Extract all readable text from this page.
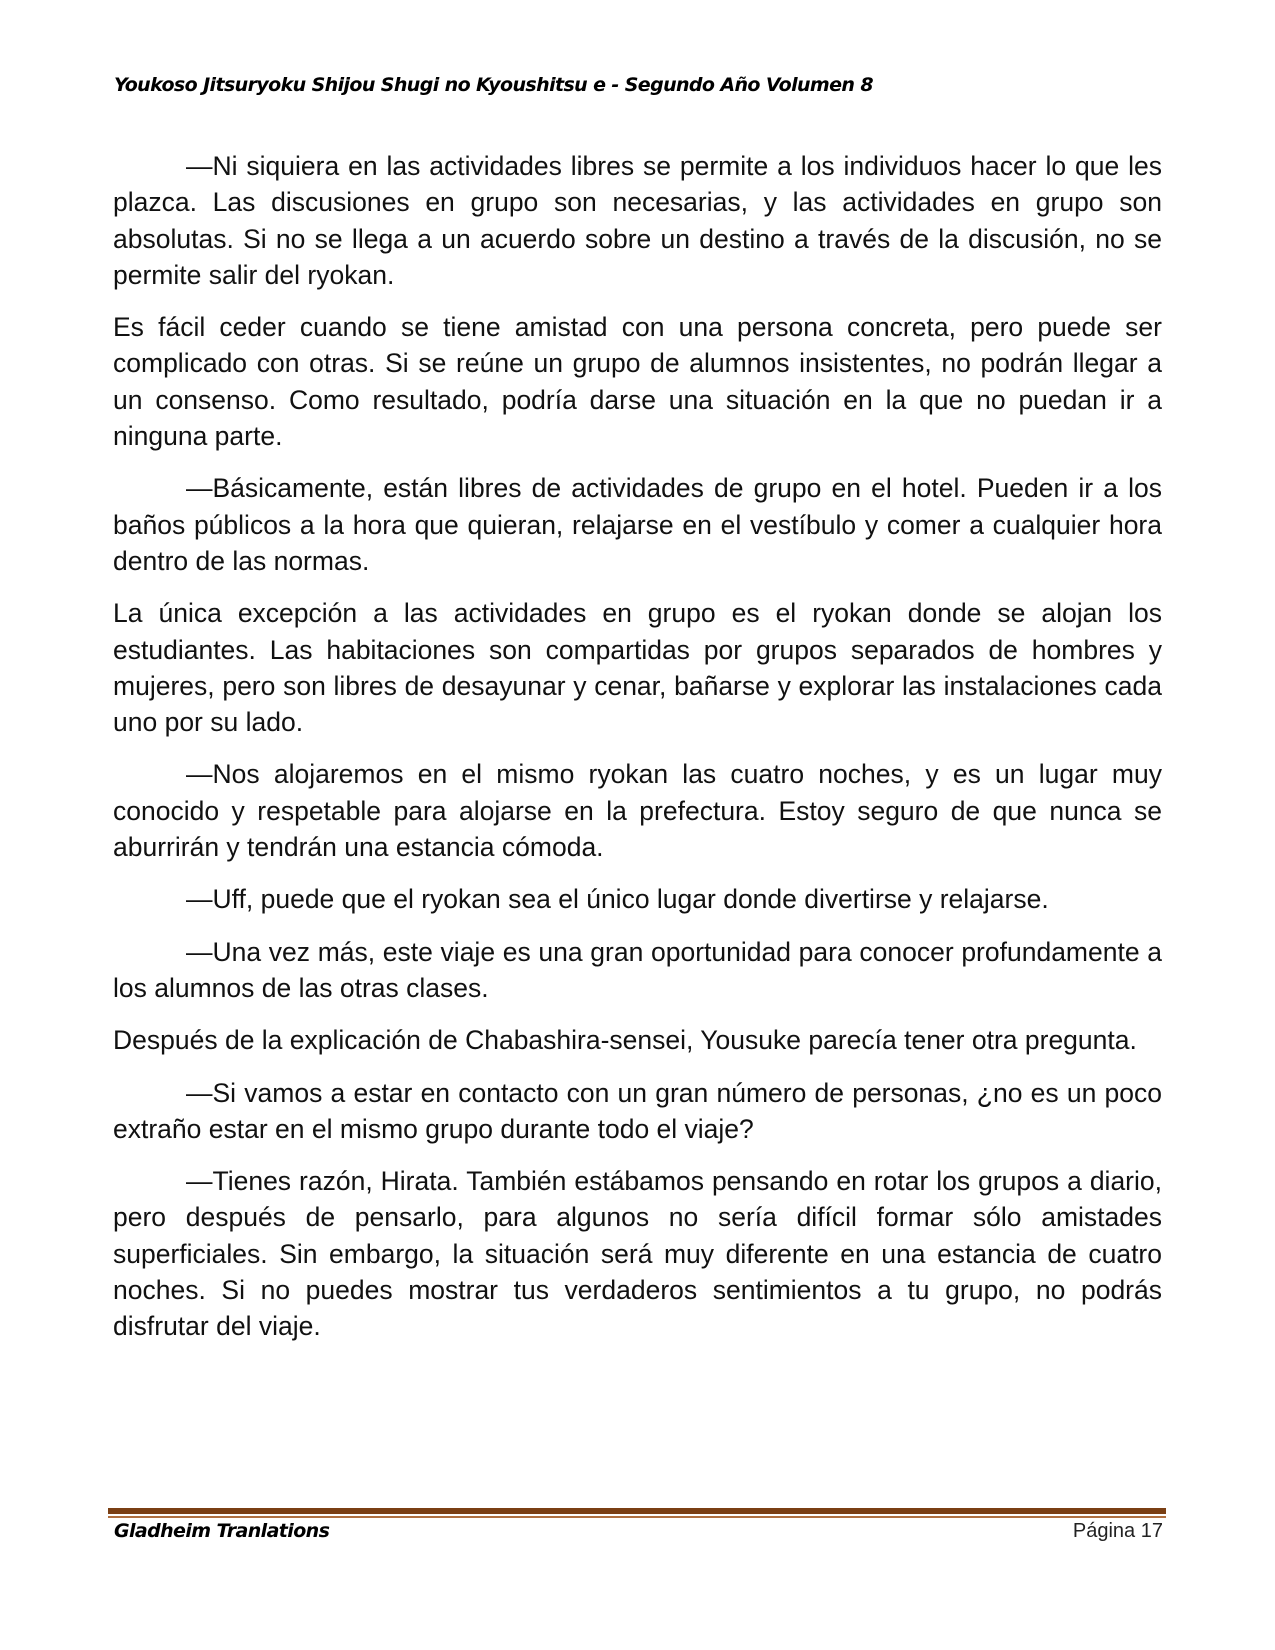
Youkoso Jitsuryoku Shijou Shugi no Kyoushitsu e - Segundo Año Volumen 8

—Ni siquiera en las actividades libres se permite a los individuos hacer lo que les plazca. Las discusiones en grupo son necesarias, y las actividades en grupo son absolutas. Si no se llega a un acuerdo sobre un destino a través de la discusión, no se permite salir del ryokan.

Es fácil ceder cuando se tiene amistad con una persona concreta, pero puede ser complicado con otras. Si se reúne un grupo de alumnos insistentes, no podrán llegar a un consenso. Como resultado, podría darse una situación en la que no puedan ir a ninguna parte.

—Básicamente, están libres de actividades de grupo en el hotel. Pueden ir a los baños públicos a la hora que quieran, relajarse en el vestíbulo y comer a cualquier hora dentro de las normas.

La única excepción a las actividades en grupo es el ryokan donde se alojan los estudiantes. Las habitaciones son compartidas por grupos separados de hombres y mujeres, pero son libres de desayunar y cenar, bañarse y explorar las instalaciones cada uno por su lado.

—Nos alojaremos en el mismo ryokan las cuatro noches, y es un lugar muy conocido y respetable para alojarse en la prefectura. Estoy seguro de que nunca se aburrirán y tendrán una estancia cómoda.

—Uff, puede que el ryokan sea el único lugar donde divertirse y relajarse.

—Una vez más, este viaje es una gran oportunidad para conocer profundamente a los alumnos de las otras clases.

Después de la explicación de Chabashira-sensei, Yousuke parecía tener otra pregunta.

—Si vamos a estar en contacto con un gran número de personas, ¿no es un poco extraño estar en el mismo grupo durante todo el viaje?

—Tienes razón, Hirata. También estábamos pensando en rotar los grupos a diario, pero después de pensarlo, para algunos no sería difícil formar sólo amistades superficiales. Sin embargo, la situación será muy diferente en una estancia de cuatro noches. Si no puedes mostrar tus verdaderos sentimientos a tu grupo, no podrás disfrutar del viaje.

Gladheim Tranlations	Página 17
